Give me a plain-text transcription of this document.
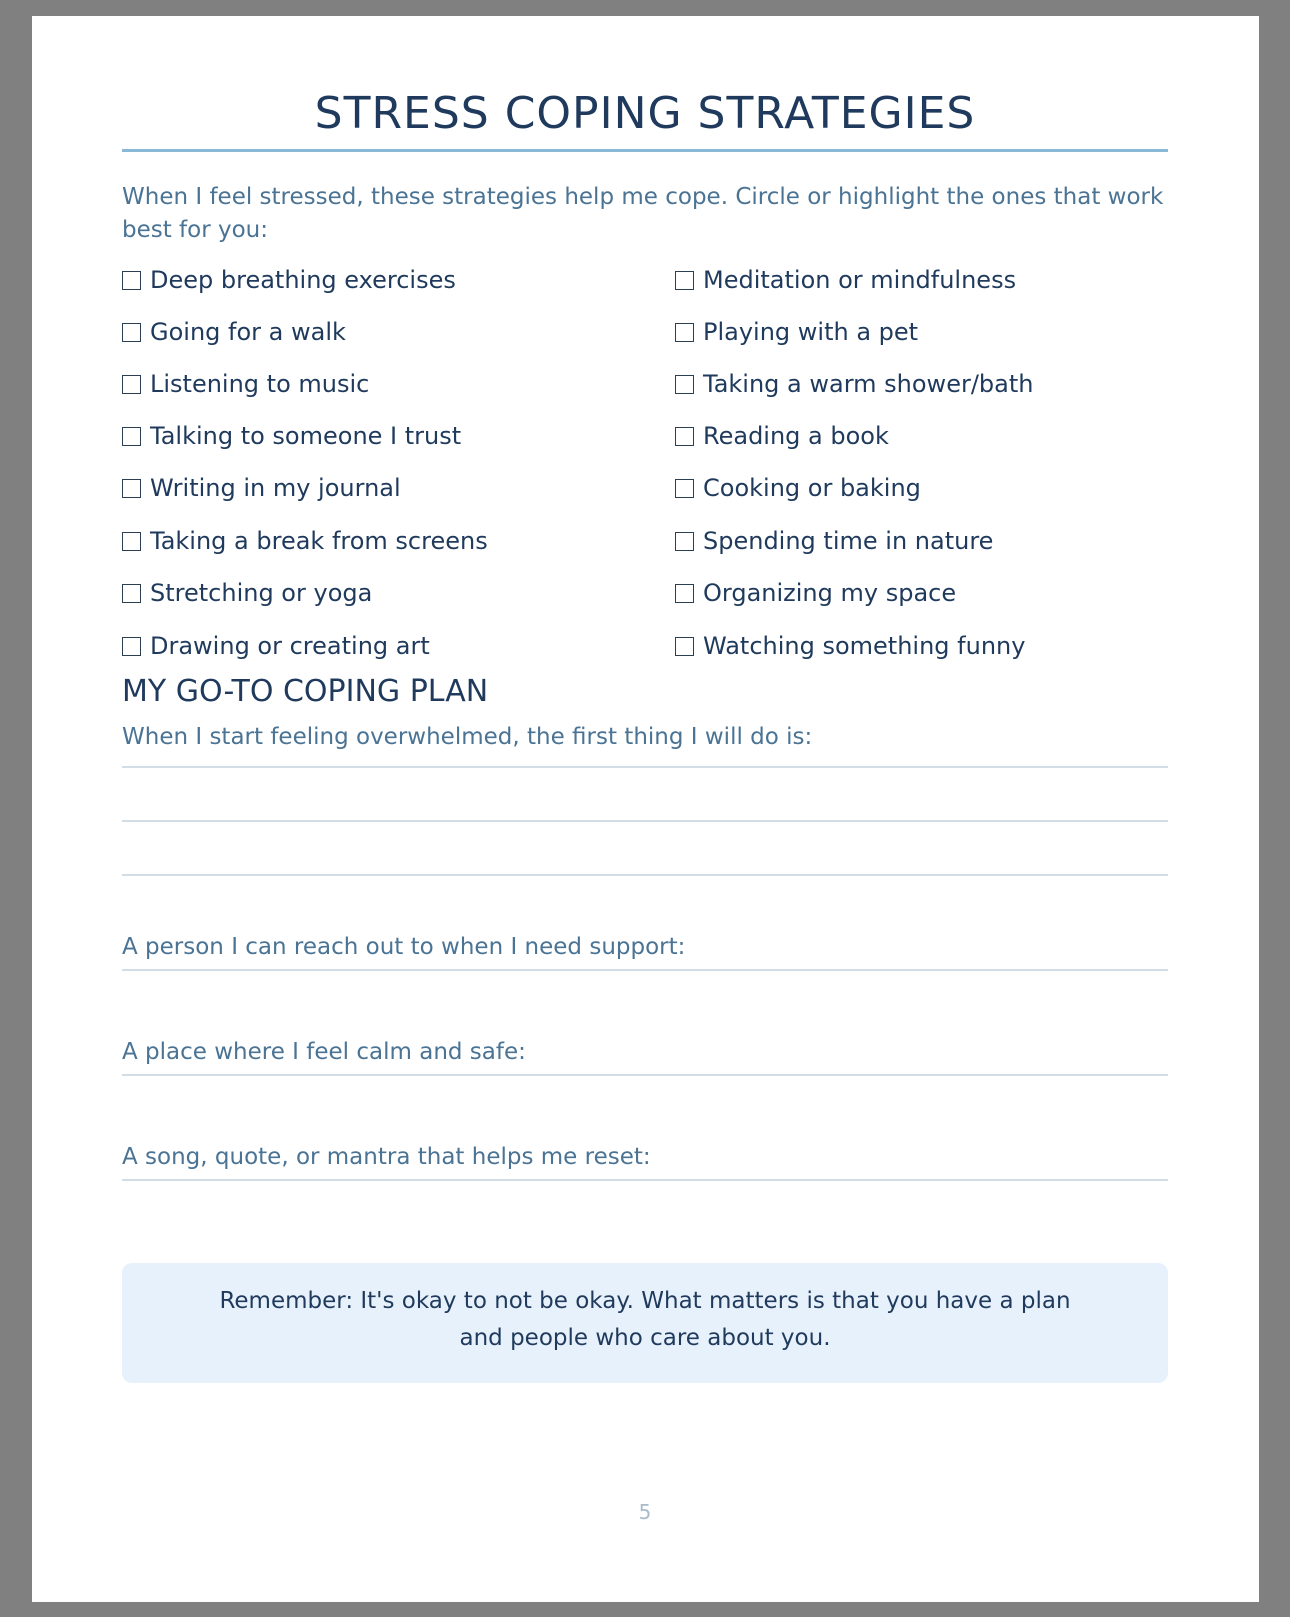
STRESS COPING STRATEGIES
When I feel stressed, these strategies help me cope. Circle or highlight the ones that work best for you:
Deep breathing exercises
Going for a walk
Listening to music
Talking to someone I trust
Writing in my journal
Taking a break from screens
Stretching or yoga
Drawing or creating art
Meditation or mindfulness
Playing with a pet
Taking a warm shower/bath
Reading a book
Cooking or baking
Spending time in nature
Organizing my space
Watching something funny
MY GO-TO COPING PLAN
When I start feeling overwhelmed, the first thing I will do is:
A person I can reach out to when I need support:
A place where I feel calm and safe:
A song, quote, or mantra that helps me reset:
Remember: It's okay to not be okay. What matters is that you have a plan
and people who care about you.
5
